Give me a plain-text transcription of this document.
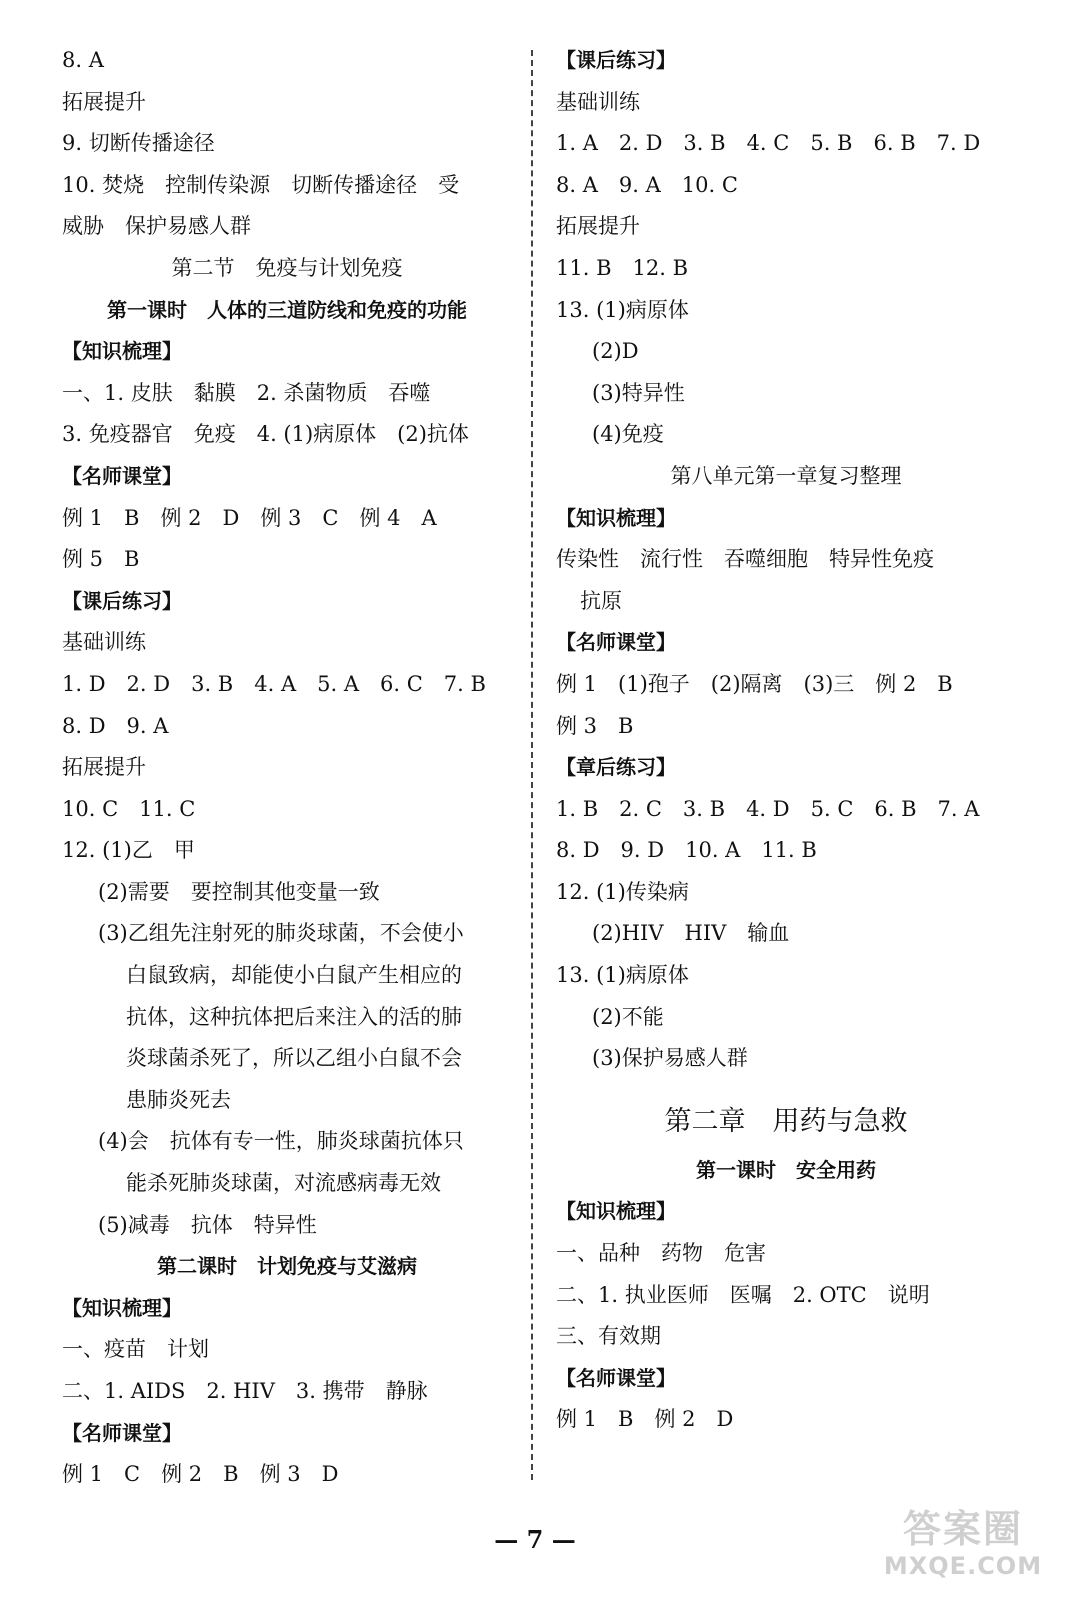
8. A
拓展提升
9. 切断传播途径
10. 焚烧　控制传染源　切断传播途径　受
威胁　保护易感人群
第二节　免疫与计划免疫
第一课时　人体的三道防线和免疫的功能
【知识梳理】
一、1. 皮肤　黏膜　2. 杀菌物质　吞噬
3. 免疫器官　免疫　4. (1)病原体　(2)抗体
【名师课堂】
例 1　B　例 2　D　例 3　C　例 4　A
例 5　B
【课后练习】
基础训练
1. D　2. D　3. B　4. A　5. A　6. C　7. B
8. D　9. A
拓展提升
10. C　11. C
12. (1)乙　甲
(2)需要　要控制其他变量一致
(3)乙组先注射死的肺炎球菌，不会使小
白鼠致病，却能使小白鼠产生相应的
抗体，这种抗体把后来注入的活的肺
炎球菌杀死了，所以乙组小白鼠不会
患肺炎死去
(4)会　抗体有专一性，肺炎球菌抗体只
能杀死肺炎球菌，对流感病毒无效
(5)减毒　抗体　特异性
第二课时　计划免疫与艾滋病
【知识梳理】
一、疫苗　计划
二、1. AIDS　2. HIV　3. 携带　静脉
【名师课堂】
例 1　C　例 2　B　例 3　D
【课后练习】
基础训练
1. A　2. D　3. B　4. C　5. B　6. B　7. D
8. A　9. A　10. C
拓展提升
11. B　12. B
13. (1)病原体
(2)D
(3)特异性
(4)免疫
第八单元第一章复习整理
【知识梳理】
传染性　流行性　吞噬细胞　特异性免疫
抗原
【名师课堂】
例 1　(1)孢子　(2)隔离　(3)三　例 2　B
例 3　B
【章后练习】
1. B　2. C　3. B　4. D　5. C　6. B　7. A
8. D　9. D　10. A　11. B
12. (1)传染病
(2)HIV　HIV　输血
13. (1)病原体
(2)不能
(3)保护易感人群
第二章　用药与急救
第一课时　安全用药
【知识梳理】
一、品种　药物　危害
二、1. 执业医师　医嘱　2. OTC　说明
三、有效期
【名师课堂】
例 1　B　例 2　D
— 7 —	答案圈
MXQE.COM
